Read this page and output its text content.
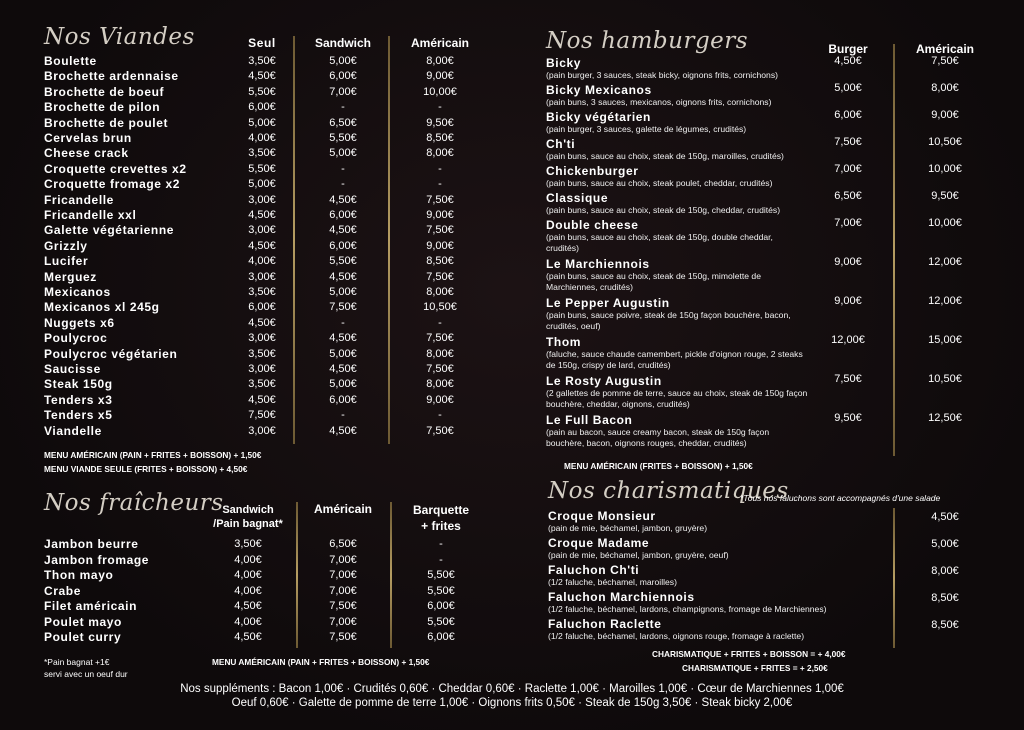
Nos Viandes	Seul	Sandwich	Américain
Boulette	3,50€	5,00€	8,00€
Brochette ardennaise	4,50€	6,00€	9,00€
Brochette de boeuf	5,50€	7,00€	10,00€
Brochette de pilon	6,00€	-	-
Brochette de poulet	5,00€	6,50€	9,50€
Cervelas brun	4,00€	5,50€	8,50€
Cheese crack	3,50€	5,00€	8,00€
Croquette crevettes x2	5,50€	-	-
Croquette fromage x2	5,00€	-	-
Fricandelle	3,00€	4,50€	7,50€
Fricandelle xxl	4,50€	6,00€	9,00€
Galette végétarienne	3,00€	4,50€	7,50€
Grizzly	4,50€	6,00€	9,00€
Lucifer	4,00€	5,50€	8,50€
Merguez	3,00€	4,50€	7,50€
Mexicanos	3,50€	5,00€	8,00€
Mexicanos xl 245g	6,00€	7,50€	10,50€
Nuggets x6	4,50€	-	-
Poulycroc	3,00€	4,50€	7,50€
Poulycroc végétarien	3,50€	5,00€	8,00€
Saucisse	3,00€	4,50€	7,50€
Steak 150g	3,50€	5,00€	8,00€
Tenders x3	4,50€	6,00€	9,00€
Tenders x5	7,50€	-	-
Viandelle	3,00€	4,50€	7,50€
MENU AMÉRICAIN (PAIN + FRITES + BOISSON) + 1,50€
MENU VIANDE SEULE (FRITES + BOISSON) + 4,50€
Nos fraîcheurs
Sandwich
/Pain bagnat*
Américain	Barquette
+ frites
Jambon beurre	3,50€	6,50€	-
Jambon fromage	4,00€	7,00€	-
Thon mayo	4,00€	7,00€	5,50€
Crabe	4,00€	7,00€	5,50€
Filet américain	4,50€	7,50€	6,00€
Poulet mayo	4,00€	7,00€	5,50€
Poulet curry	4,50€	7,50€	6,00€
*Pain bagnat +1€
servi avec un oeuf dur
MENU AMÉRICAIN (PAIN + FRITES + BOISSON) + 1,50€
Nos hamburgers	Burger	Américain
Bicky
(pain burger, 3 sauces, steak bicky, oignons frits, cornichons)
4,50€	7,50€
Bicky Mexicanos
(pain buns, 3 sauces, mexicanos, oignons frits, cornichons)
5,00€	8,00€
Bicky végétarien
(pain burger, 3 sauces, galette de légumes, crudités)
6,00€	9,00€
Ch'ti
(pain buns, sauce au choix, steak de 150g, maroilles, crudités)
7,50€	10,50€
Chickenburger
(pain buns, sauce au choix, steak poulet, cheddar, crudités)
7,00€	10,00€
Classique
(pain buns, sauce au choix, steak de 150g, cheddar, crudités)
6,50€	9,50€
Double cheese
(pain buns, sauce au choix, steak de 150g, double cheddar, crudités)
7,00€	10,00€
Le Marchiennois
(pain buns, sauce au choix, steak de 150g, mimolette de Marchiennes, crudités)
9,00€	12,00€
Le Pepper Augustin
(pain buns, sauce poivre, steak de 150g façon bouchère, bacon, crudités, oeuf)
9,00€	12,00€
Thom
(faluche, sauce chaude camembert, pickle d'oignon rouge, 2 steaks de 150g, crispy de lard, crudités)
12,00€	15,00€
Le Rosty Augustin
(2 gallettes de pomme de terre, sauce au choix, steak de 150g façon bouchère, cheddar, oignons, crudités)
7,50€	10,50€
Le Full Bacon
(pain au bacon, sauce creamy bacon, steak de 150g façon bouchère, bacon, oignons rouges, cheddar, crudités)
9,50€	12,50€
MENU AMÉRICAIN (FRITES + BOISSON) + 1,50€
Nos charismatiques
*Tous nos faluchons sont accompagnés d'une salade
Croque Monsieur
(pain de mie, béchamel, jambon, gruyère)
4,50€
Croque Madame
(pain de mie, béchamel, jambon, gruyère, oeuf)
5,00€
Faluchon Ch'ti
(1/2 faluche, béchamel, maroilles)
8,00€
Faluchon Marchiennois
(1/2 faluche, béchamel, lardons, champignons, fromage de Marchiennes)
8,50€
Faluchon Raclette
(1/2 faluche, béchamel, lardons, oignons rouge, fromage à raclette)
8,50€
CHARISMATIQUE + FRITES + BOISSON = + 4,00€
CHARISMATIQUE + FRITES = + 2,50€
Nos suppléments : Bacon 1,00€ · Crudités 0,60€ · Cheddar 0,60€ · Raclette 1,00€ · Maroilles 1,00€ · Cœur de Marchiennes 1,00€
Oeuf 0,60€ · Galette de pomme de terre 1,00€ · Oignons frits 0,50€ · Steak de 150g 3,50€ · Steak bicky 2,00€
